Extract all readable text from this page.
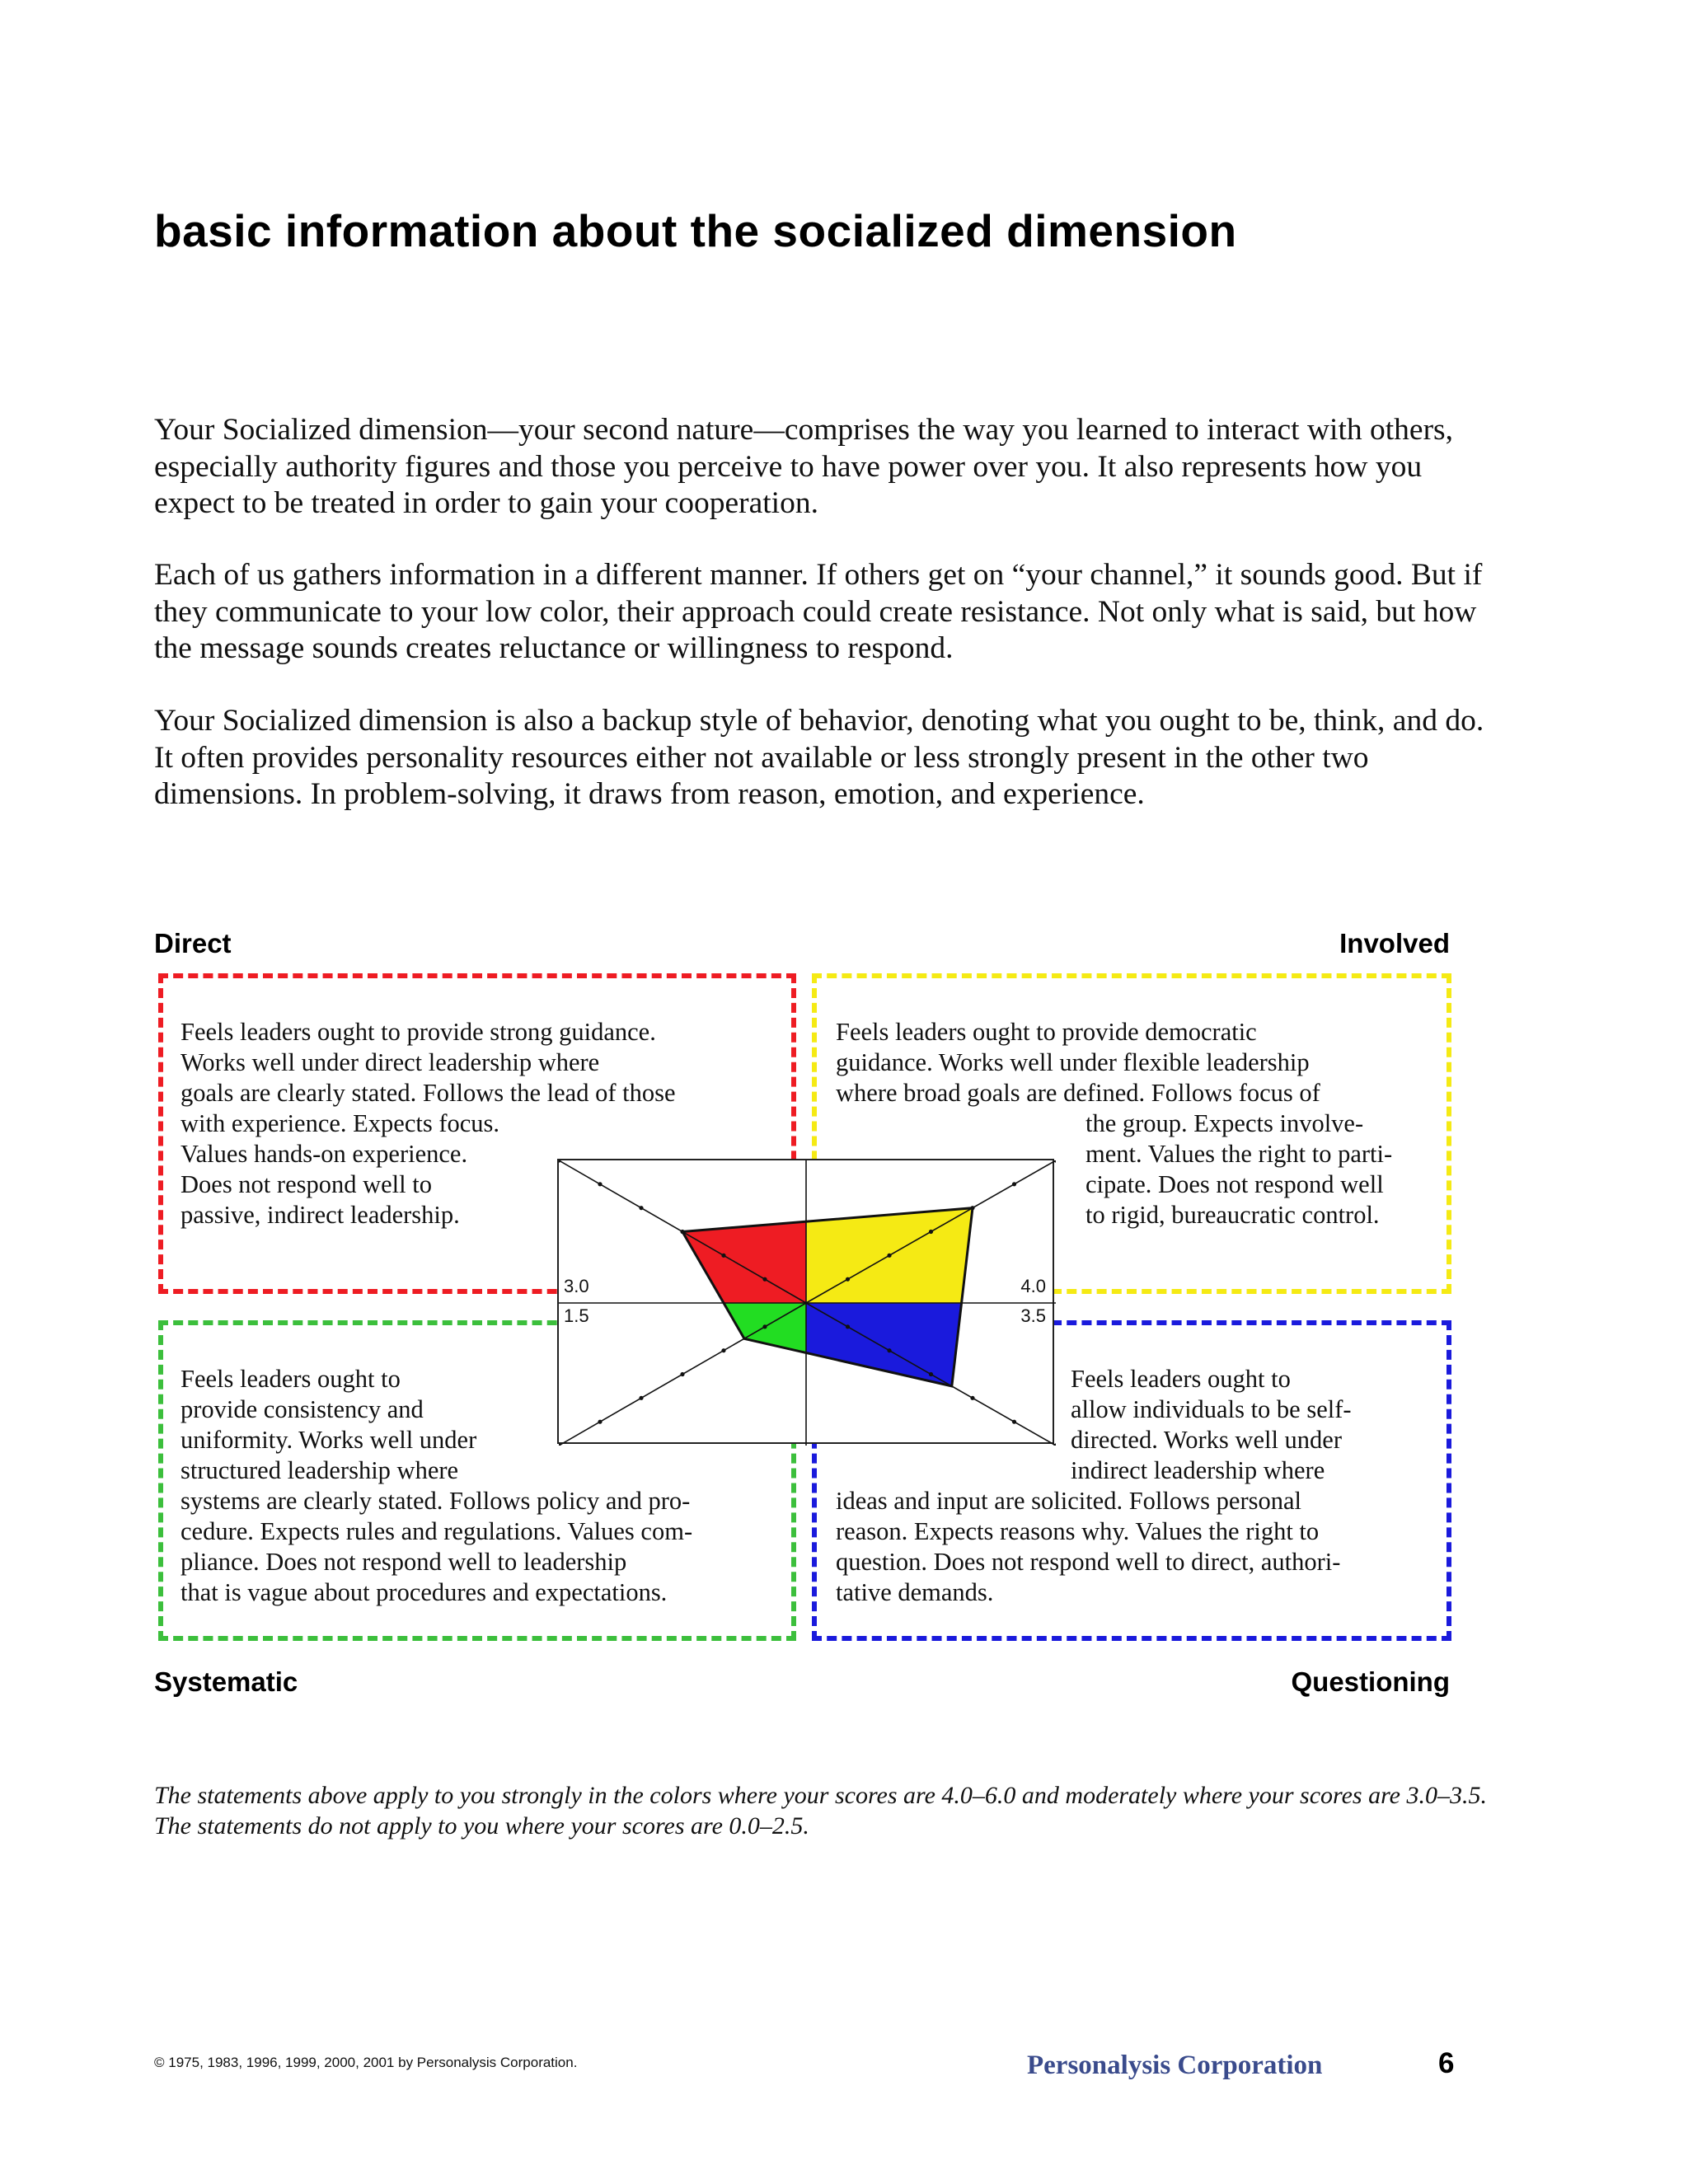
basic information about the socialized dimension

Your Socialized dimension—your second nature—comprises the way you learned to interact with others, especially authority figures and those you perceive to have power over you. It also represents how you expect to be treated in order to gain your cooperation.

Each of us gathers information in a different manner. If others get on “your channel,” it sounds good. But if they communicate to your low color, their approach could create resistance. Not only what is said, but how the message sounds creates reluctance or willingness to respond.

Your Socialized dimension is also a backup style of behavior, denoting what you ought to be, think, and do. It often provides personality resources either not available or less strongly present in the other two dimensions. In problem-solving, it draws from reason, emotion, and experience.

Direct	Involved

Feels leaders ought to provide strong guidance.

Works well under direct leadership where

goals are clearly stated. Follows the lead of those

with experience. Expects focus.

Values hands-on experience.

Does not respond well to

passive, indirect leadership.

Feels leaders ought to provide democratic

guidance. Works well under flexible leadership

where broad goals are defined. Follows focus of

the group. Expects involve-

ment. Values the right to parti-

cipate. Does not respond well

to rigid, bureaucratic control.

Feels leaders ought to

provide consistency and

uniformity. Works well under

structured leadership where

systems are clearly stated. Follows policy and pro-

cedure. Expects rules and regulations. Values com-

pliance. Does not respond well to leadership

that is vague about procedures and expectations.

Feels leaders ought to

allow individuals to be self-

directed. Works well under

indirect leadership where

ideas and input are solicited. Follows personal

reason. Expects reasons why. Values the right to

question. Does not respond well to direct, authori-

tative demands.

3.0	4.0
3.5
1.5
Systematic	Questioning

The statements above apply to you strongly in the colors where your scores are 4.0–6.0 and moderately where your scores are 3.0–3.5. The statements do not apply to you where your scores are 0.0–2.5.

© 1975, 1983, 1996, 1999, 2000, 2001 by Personalysis Corporation.	Personalysis Corporation	6
